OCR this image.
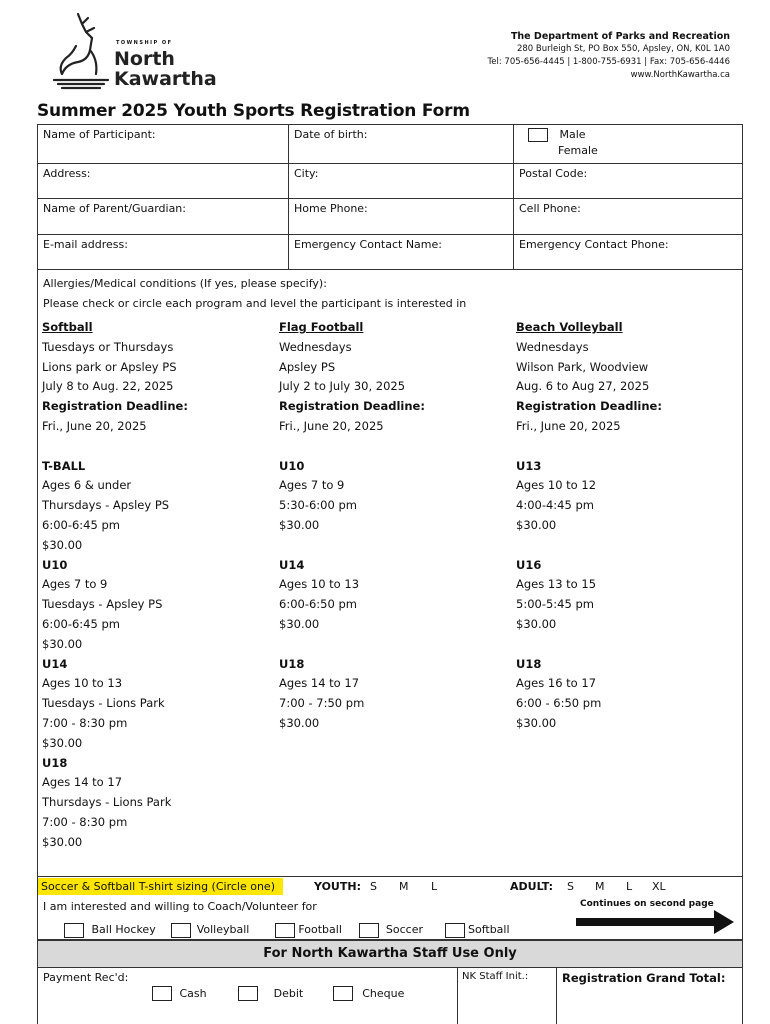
TOWNSHIP OF
North
Kawartha
The Department of Parks and Recreation
280 Burleigh St, PO Box 550, Apsley, ON, K0L 1A0
Tel: 705-656-4445 | 1-800-755-6931 | Fax: 705-656-4446
www.NorthKawartha.ca
Summer 2025 Youth Sports Registration Form
Name of Participant:	Date of birth:	Male
Female
Address:	City:	Postal Code:
Name of Parent/Guardian:	Home Phone:	Cell Phone:
E-mail address:	Emergency Contact Name:	Emergency Contact Phone:
Allergies/Medical conditions (If yes, please specify):
Please check or circle each program and level the participant is interested in
Softball
Tuesdays or Thursdays
Lions park or Apsley PS
July 8 to Aug. 22, 2025
Registration Deadline:
Fri., June 20, 2025
T-BALL
Ages 6 & under
Thursdays - Apsley PS
6:00-6:45 pm
$30.00
U10
Ages 7 to 9
Tuesdays - Apsley PS
6:00-6:45 pm
$30.00
U14
Ages 10 to 13
Tuesdays - Lions Park
7:00 - 8:30 pm
$30.00
U18
Ages 14 to 17
Thursdays - Lions Park
7:00 - 8:30 pm
$30.00
Flag Football
Wednesdays
Apsley PS
July 2 to July 30, 2025
Registration Deadline:
Fri., June 20, 2025
U10
Ages 7 to 9
5:30-6:00 pm
$30.00
U14
Ages 10 to 13
6:00-6:50 pm
$30.00
U18
Ages 14 to 17
7:00 - 7:50 pm
$30.00
Beach Volleyball
Wednesdays
Wilson Park, Woodview
Aug. 6 to Aug 27, 2025
Registration Deadline:
Fri., June 20, 2025
U13
Ages 10 to 12
4:00-4:45 pm
$30.00
U16
Ages 13 to 15
5:00-5:45 pm
$30.00
U18
Ages 16 to 17
6:00 - 6:50 pm
$30.00
Soccer & Softball T-shirt sizing (Circle one)	YOUTH: S M L	ADULT: S M L XL
I am interested and willing to Coach/Volunteer for	Continues on second page
Ball Hockey	Volleyball	Football	Soccer	Softball
For North Kawartha Staff Use Only
Payment Rec'd:
Cash	Debit	Cheque
NK Staff Init.:	Registration Grand Total:
